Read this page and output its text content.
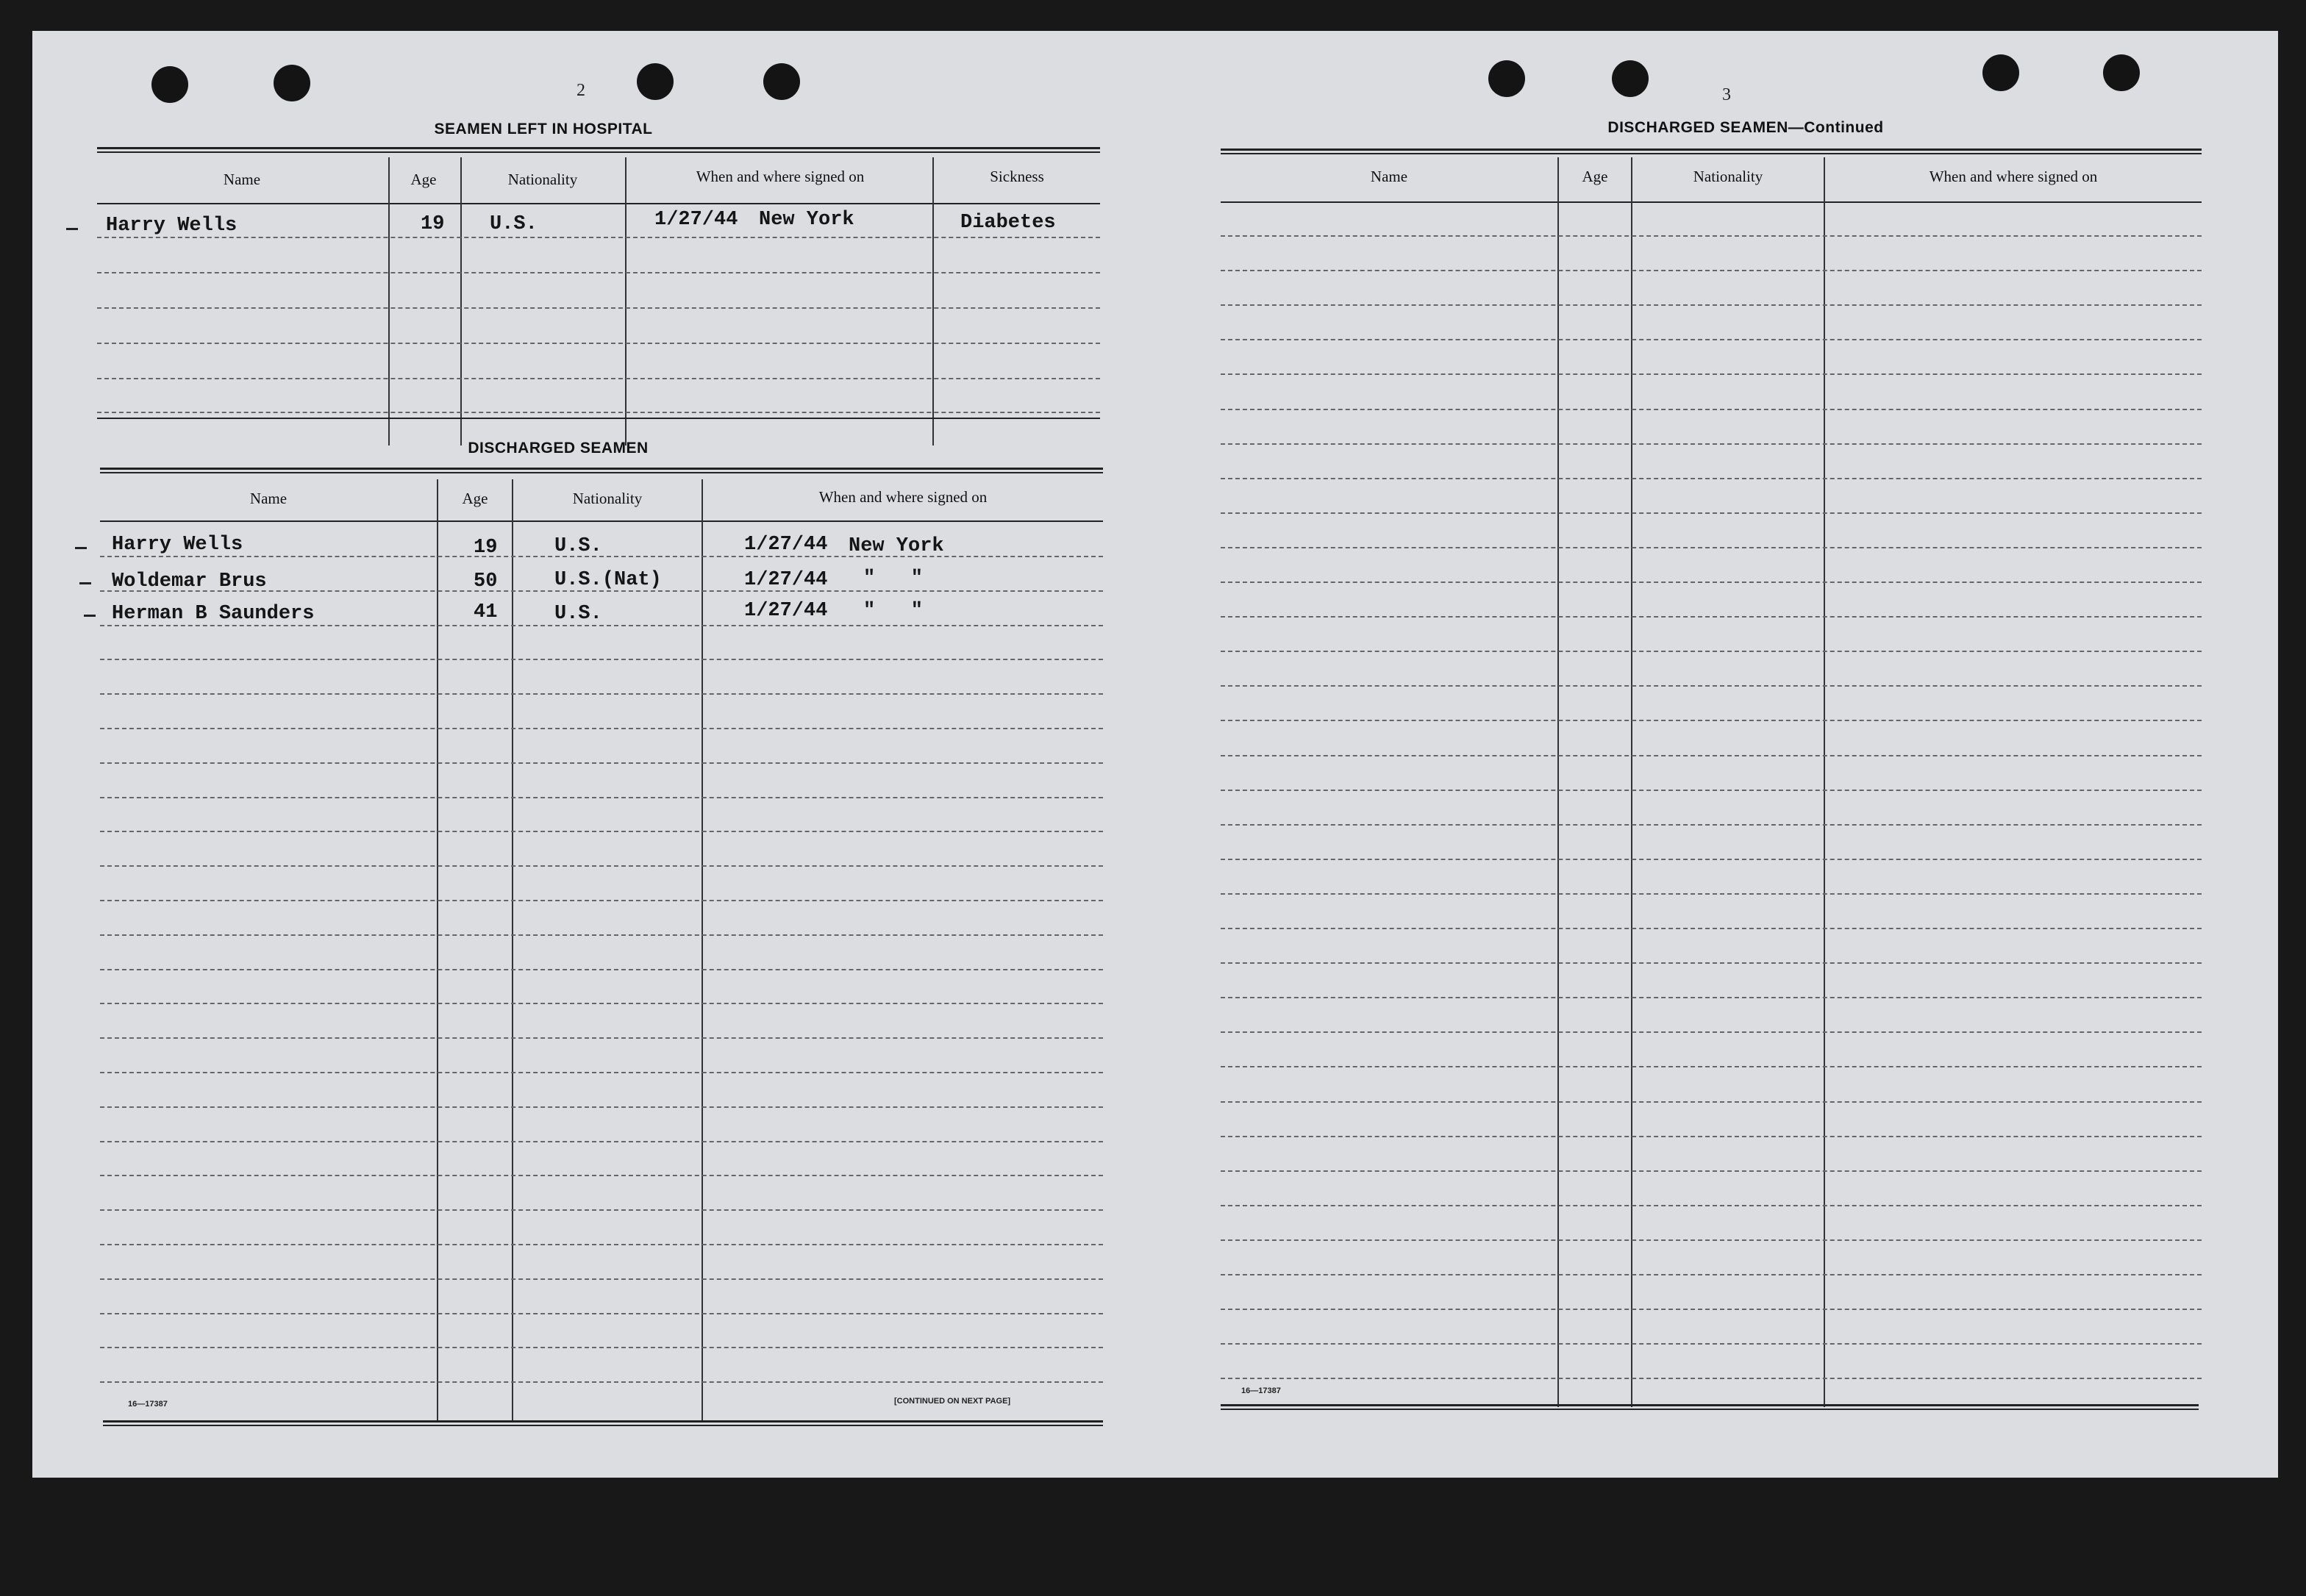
2
SEAMEN LEFT IN HOSPITAL
Name	Age	Nationality	When and where signed on	Sickness
Harry Wells	19 U.S.	1/27/44 New York	Diabetes
DISCHARGED SEAMEN
Name	Age	Nationality	When and where signed on
Harry Wells	19	U.S.	1/27/44 New York
Woldemar Brus	50	U.S.(Nat)	1/27/44 "   "
Herman B Saunders	41	U.S.	1/27/44 "   "
16—17387	[CONTINUED ON NEXT PAGE]
3
DISCHARGED SEAMEN—Continued
Name	Age	Nationality	When and where signed on
16—17387
